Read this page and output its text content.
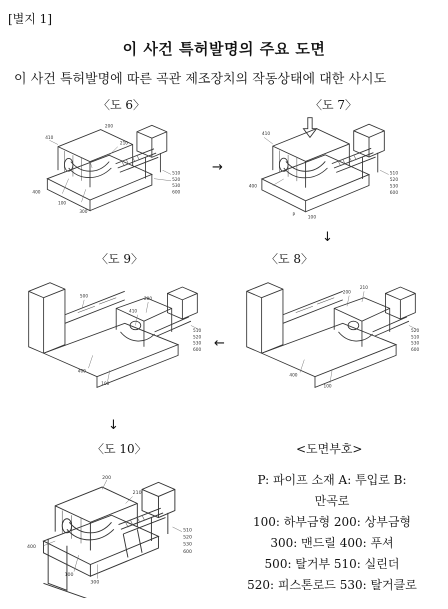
[별지 1]
이 사건 특허발명의 주요 도면
이 사건 특허발명에 따른 곡관 제조장치의 작동상태에 대한 사시도
〈도 6〉
410
200
400
100
300
210
510
520
530
600
→
〈도 7〉
410
400
P	100
510
520
530
600
↓
〈도 9〉
500
410
200
400
100
510
520
530
600 ←
〈도 8〉
200
210
400
100
520
510
530
600
↓
〈도 10〉
200
210
400
100
300
510
520
530
600
<도면부호>
P: 파이프 소재 A: 투입로 B:
만곡로
100: 하부금형 200: 상부금형
300: 맨드릴 400: 푸셔
500: 탈거부 510: 실린더
520: 피스톤로드 530: 탈거클로
